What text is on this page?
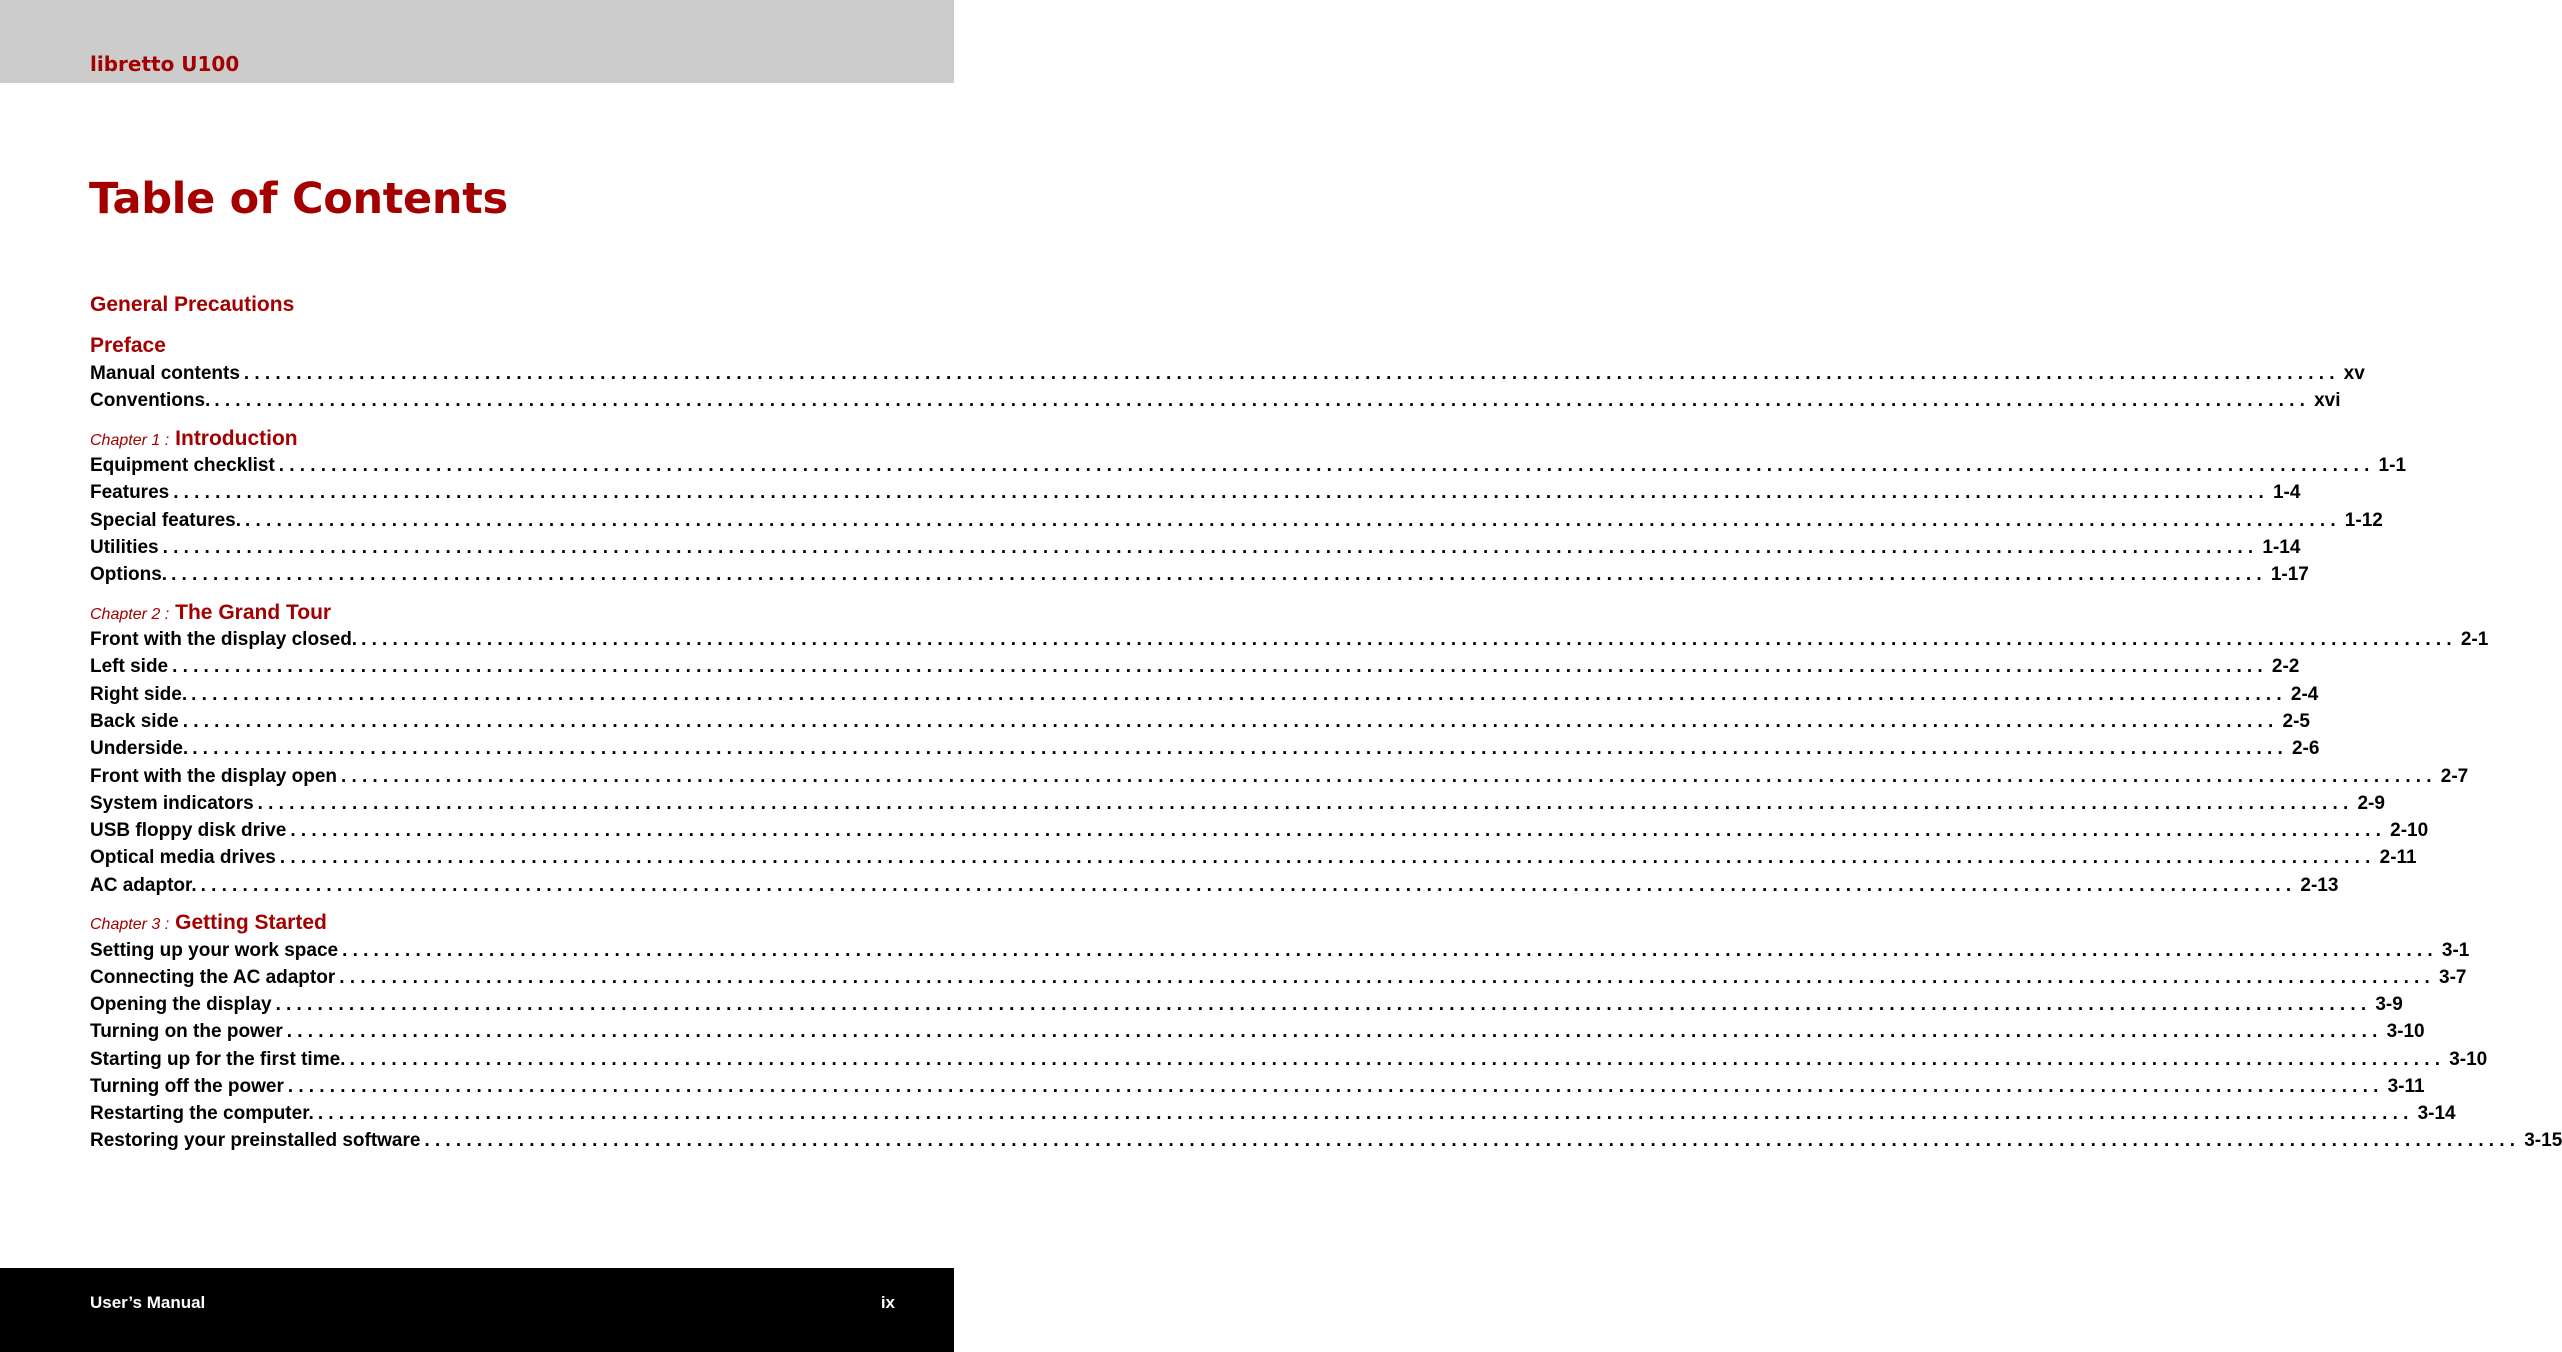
libretto U100
Table of Contents
General Precautions
Preface
Manual contents ........................................................................................................................................................................................................ xv
Conventions. ........................................................................................................................................................................................................ xvi
Chapter 1 : Introduction
Equipment checklist ........................................................................................................................................................................................................ 1-1
Features ........................................................................................................................................................................................................ 1-4
Special features. ........................................................................................................................................................................................................ 1-12
Utilities ........................................................................................................................................................................................................ 1-14
Options. ........................................................................................................................................................................................................ 1-17
Chapter 2 : The Grand Tour
Front with the display closed. ........................................................................................................................................................................................................ 2-1
Left side ........................................................................................................................................................................................................ 2-2
Right side. ........................................................................................................................................................................................................ 2-4
Back side ........................................................................................................................................................................................................ 2-5
Underside. ........................................................................................................................................................................................................ 2-6
Front with the display open ........................................................................................................................................................................................................ 2-7
System indicators ........................................................................................................................................................................................................ 2-9
USB floppy disk drive ........................................................................................................................................................................................................ 2-10
Optical media drives ........................................................................................................................................................................................................ 2-11
AC adaptor. ........................................................................................................................................................................................................ 2-13
Chapter 3 : Getting Started
Setting up your work space ........................................................................................................................................................................................................ 3-1
Connecting the AC adaptor ........................................................................................................................................................................................................ 3-7
Opening the display ........................................................................................................................................................................................................ 3-9
Turning on the power ........................................................................................................................................................................................................ 3-10
Starting up for the first time. ........................................................................................................................................................................................................ 3-10
Turning off the power ........................................................................................................................................................................................................ 3-11
Restarting the computer. ........................................................................................................................................................................................................ 3-14
Restoring your preinstalled software ........................................................................................................................................................................................................ 3-15
User’s Manual	ix
